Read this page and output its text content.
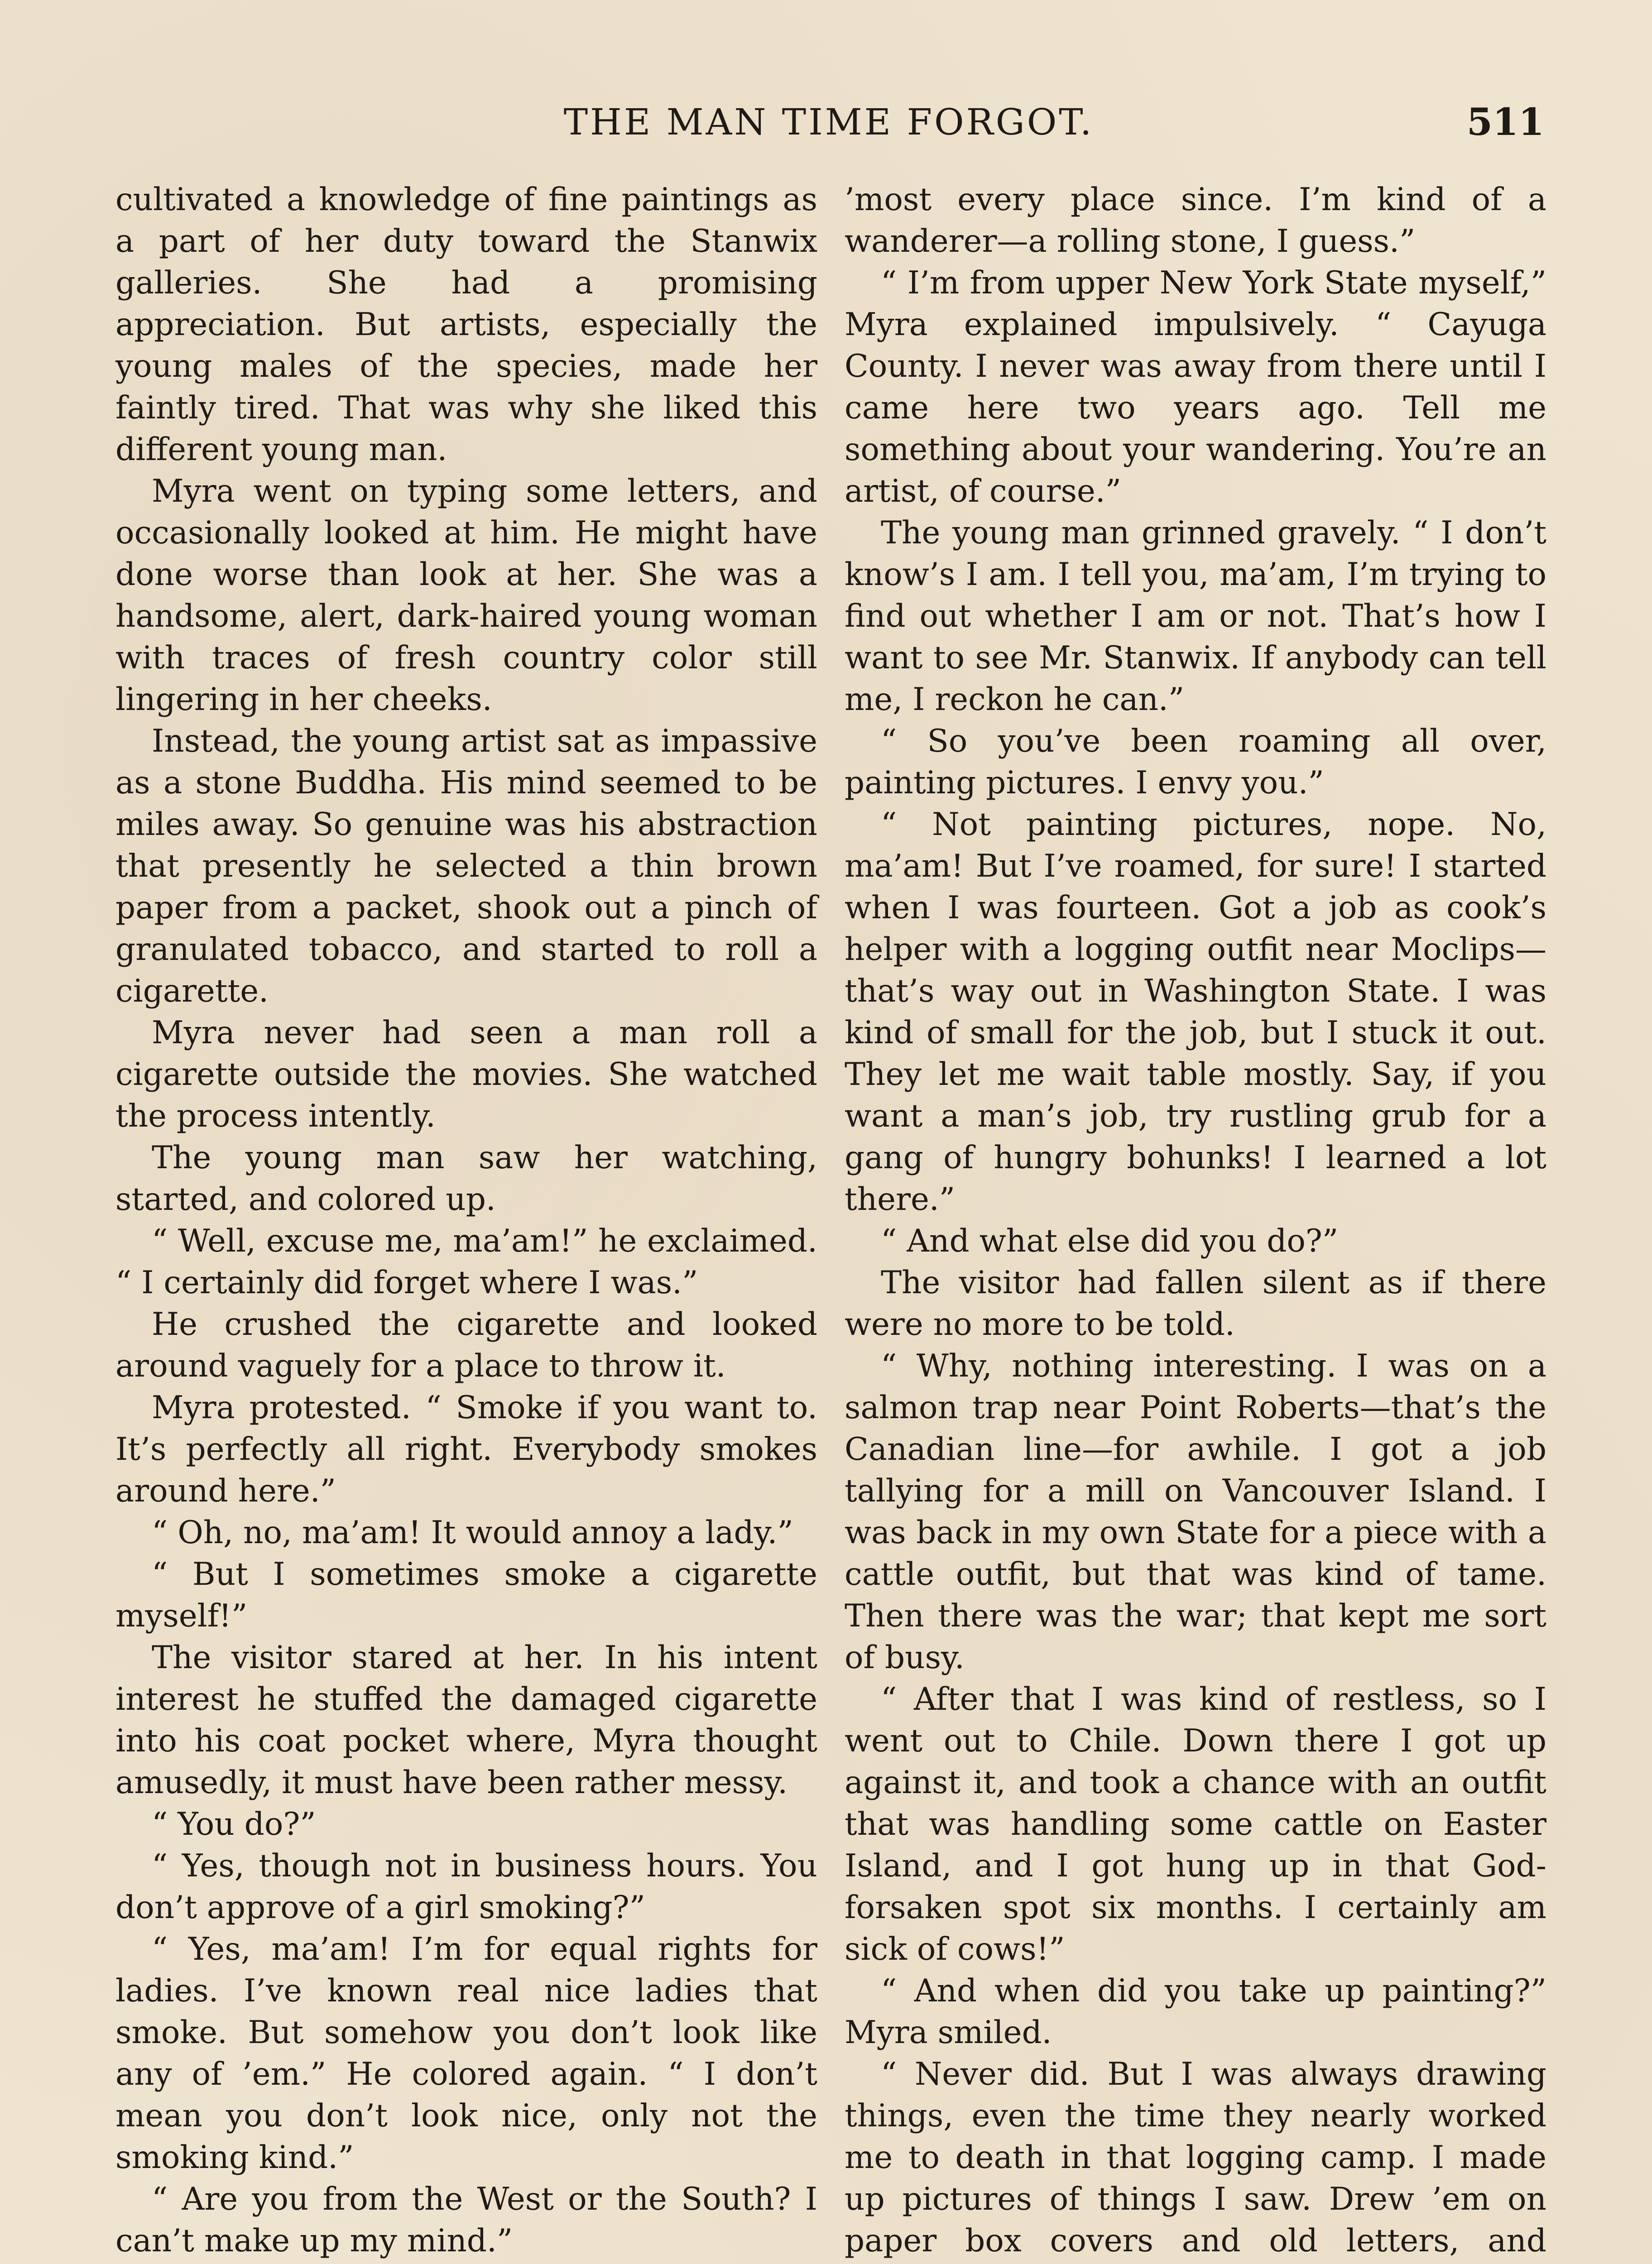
THE MAN TIME FORGOT.	511

cultivated a knowledge of fine paintings as a part of her duty toward the Stanwix galleries. She had a promising appreciation. But artists, especially the young males of the species, made her faintly tired. That was why she liked this different young man.

Myra went on typing some letters, and occasionally looked at him. He might have done worse than look at her. She was a handsome, alert, dark-haired young woman with traces of fresh country color still lingering in her cheeks.

Instead, the young artist sat as impassive as a stone Buddha. His mind seemed to be miles away. So genuine was his abstraction that presently he selected a thin brown paper from a packet, shook out a pinch of granulated tobacco, and started to roll a cigarette.

Myra never had seen a man roll a cigarette outside the movies. She watched the process intently.

The young man saw her watching, started, and colored up.

“ Well, excuse me, ma’am!” he exclaimed. “ I certainly did forget where I was.”

He crushed the cigarette and looked around vaguely for a place to throw it.

Myra protested. “ Smoke if you want to. It’s perfectly all right. Everybody smokes around here.”

“ Oh, no, ma’am! It would annoy a lady.”

“ But I sometimes smoke a cigarette myself!”

The visitor stared at her. In his intent interest he stuffed the damaged cigarette into his coat pocket where, Myra thought amusedly, it must have been rather messy.

“ You do?”

“ Yes, though not in business hours. You don’t approve of a girl smoking?”

“ Yes, ma’am! I’m for equal rights for ladies. I’ve known real nice ladies that smoke. But somehow you don’t look like any of ’em.” He colored again. “ I don’t mean you don’t look nice, only not the smoking kind.”

“ Are you from the West or the South? I can’t make up my mind.”

’most every place since. I’m kind of a wanderer—a rolling stone, I guess.”

“ I’m from upper New York State myself,” Myra explained impulsively. “ Cayuga County. I never was away from there until I came here two years ago. Tell me something about your wandering. You’re an artist, of course.”

The young man grinned gravely. “ I don’t know’s I am. I tell you, ma’am, I’m trying to find out whether I am or not. That’s how I want to see Mr. Stanwix. If anybody can tell me, I reckon he can.”

“ So you’ve been roaming all over, painting pictures. I envy you.”

“ Not painting pictures, nope. No, ma’am! But I’ve roamed, for sure! I started when I was fourteen. Got a job as cook’s helper with a logging outfit near Moclips—that’s way out in Washington State. I was kind of small for the job, but I stuck it out. They let me wait table mostly. Say, if you want a man’s job, try rustling grub for a gang of hungry bohunks! I learned a lot there.”

“ And what else did you do?”

The visitor had fallen silent as if there were no more to be told.

“ Why, nothing interesting. I was on a salmon trap near Point Roberts—that’s the Canadian line—for awhile. I got a job tallying for a mill on Vancouver Island. I was back in my own State for a piece with a cattle outfit, but that was kind of tame. Then there was the war; that kept me sort of busy.

“ After that I was kind of restless, so I went out to Chile. Down there I got up against it, and took a chance with an outfit that was handling some cattle on Easter Island, and I got hung up in that God-forsaken spot six months. I certainly am sick of cows!”

“ And when did you take up painting?” Myra smiled.

“ Never did. But I was always drawing things, even the time they nearly worked me to death in that logging camp. I made up pictures of things I saw. Drew ’em on paper box covers and old letters, and
